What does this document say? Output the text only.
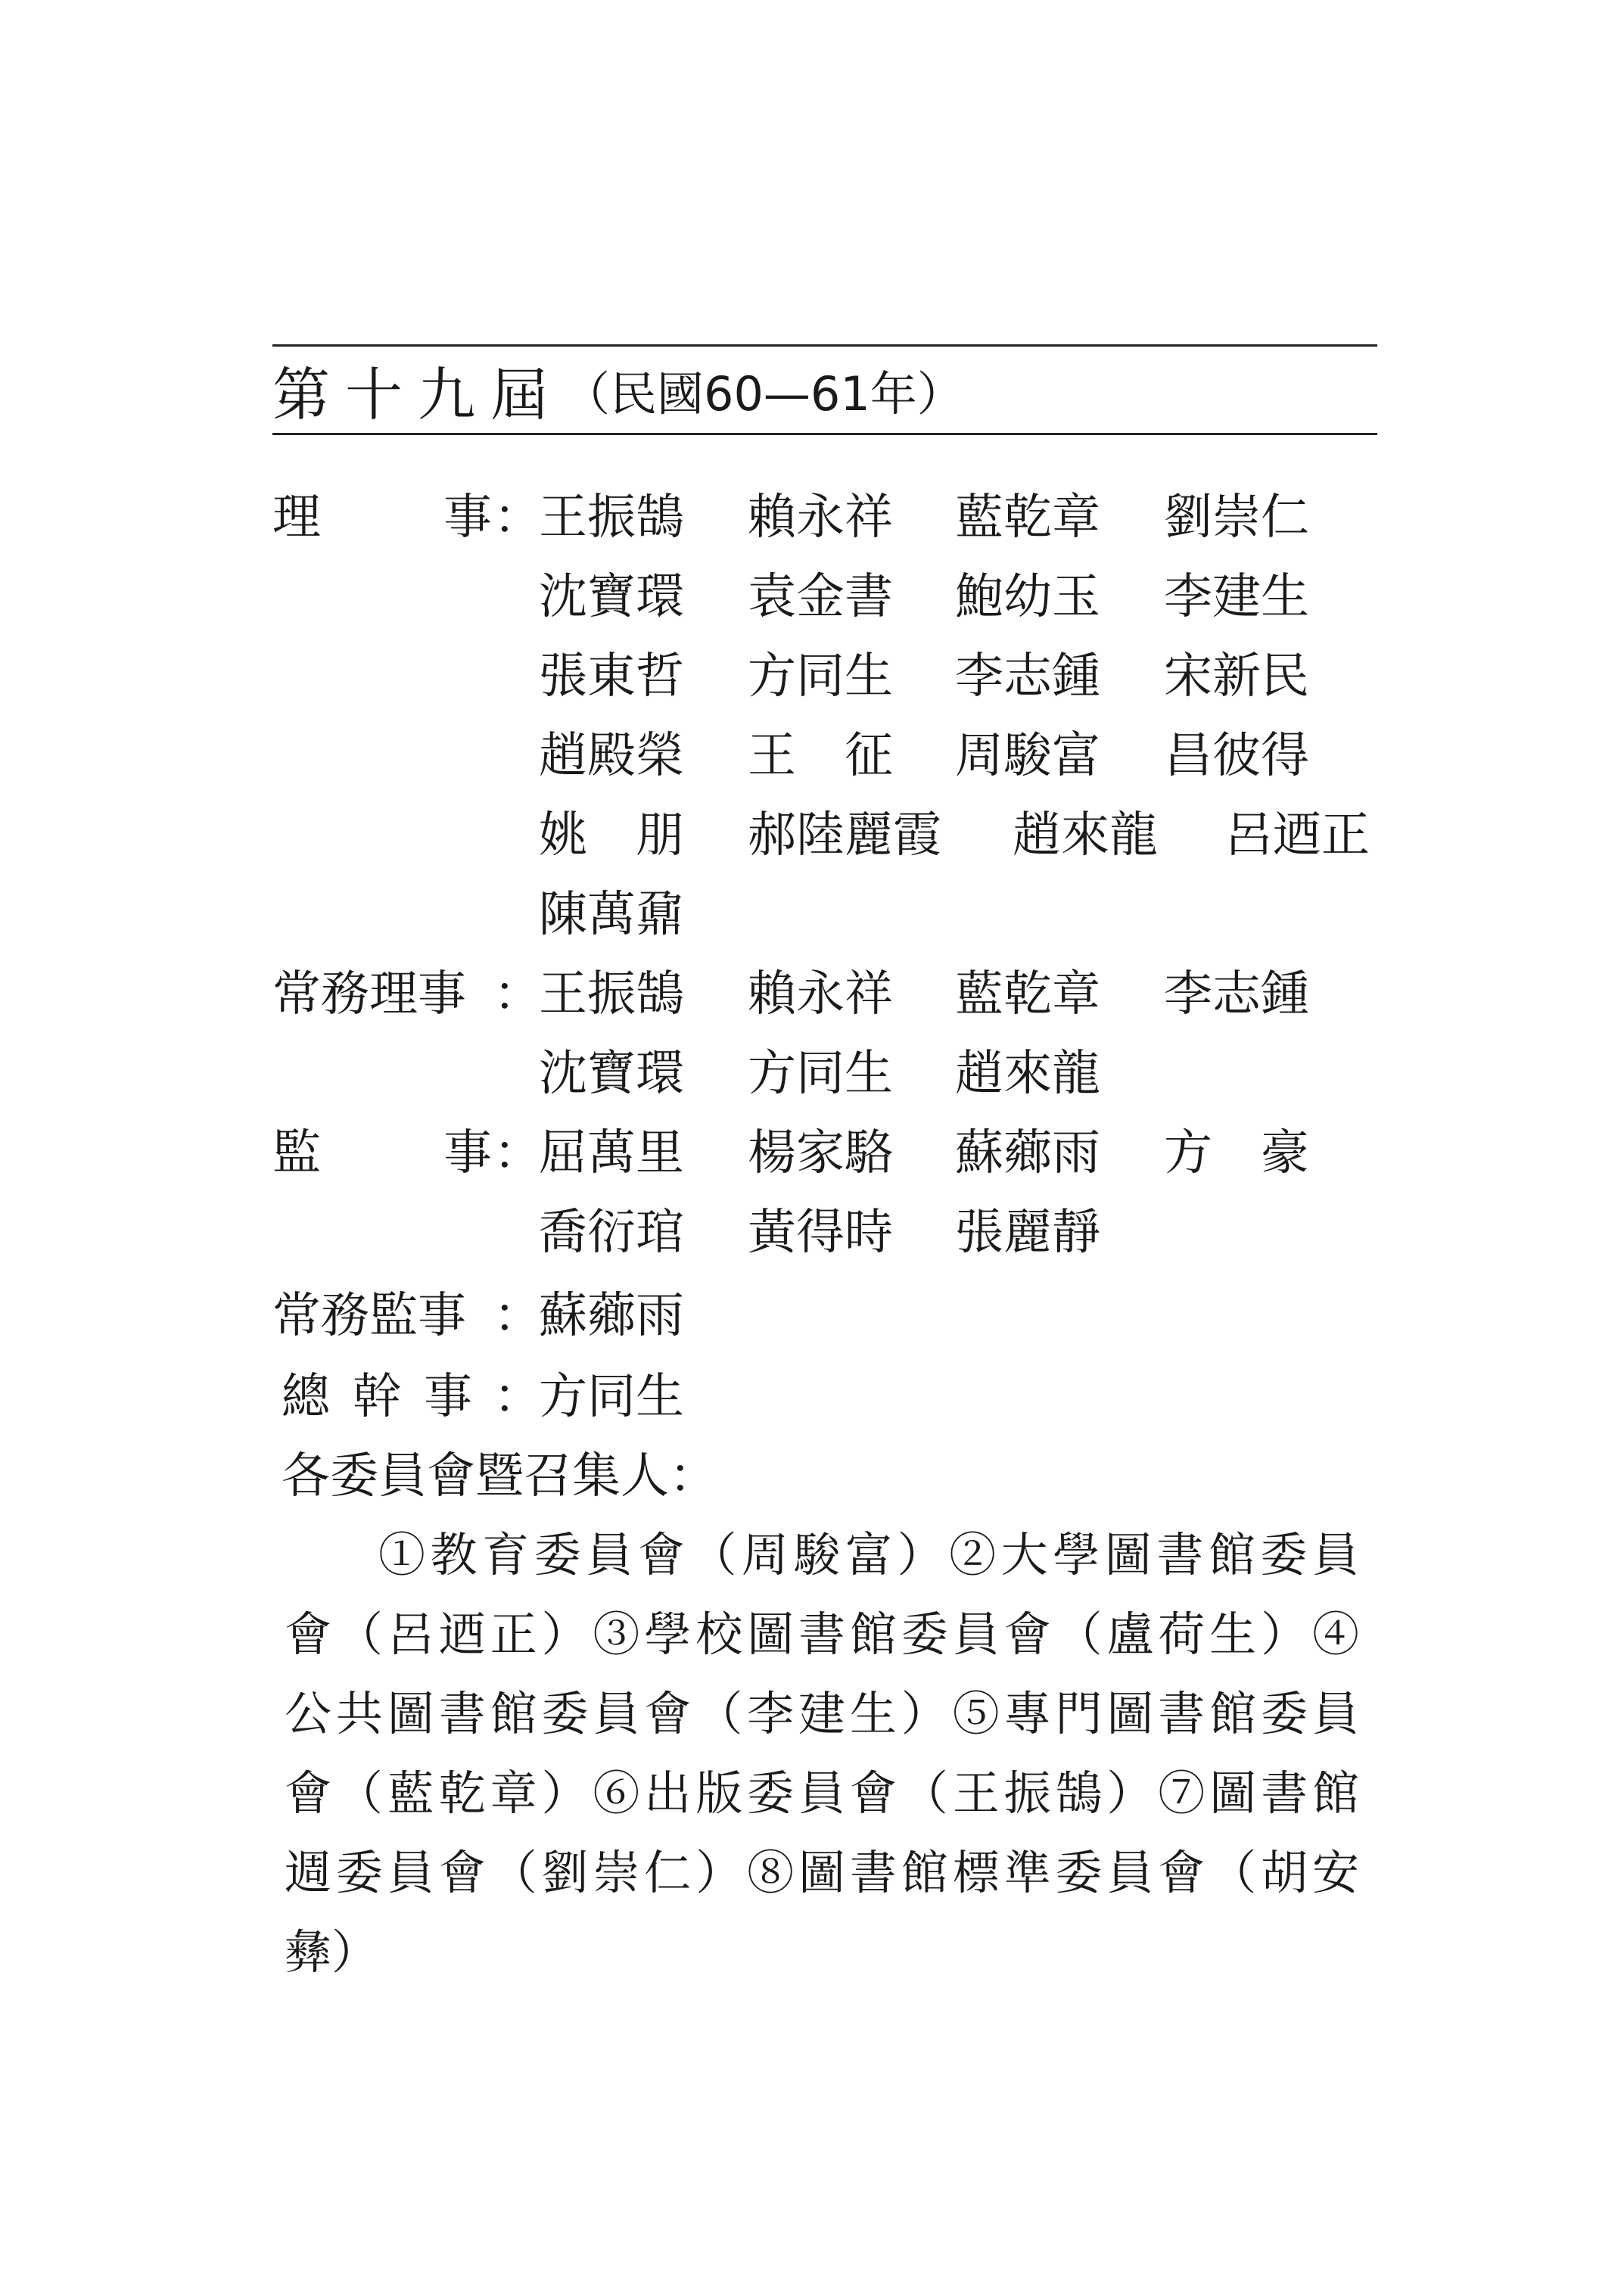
第十九屆 （民國60—61年）
理	事 ：
王振鵠 賴永祥 藍乾章 劉崇仁
沈寶環 袁金書 鮑幼玉 李建生
張東哲 方同生 李志鍾 宋新民
趙殿榮 王　征 周駿富 昌彼得
姚　朋 郝陸麗霞 趙來龍 呂迺正
陳萬鼐
常務理事 ：
王振鵠 賴永祥 藍乾章 李志鍾
沈寶環 方同生 趙來龍
監	事 ：
屈萬里 楊家駱 蘇薌雨 方　豪
喬衍琯 黃得時 張麗靜
常務監事 ：
蘇薌雨
總幹事
：
方同生
各委員會暨召集人：
①教育委員會（周駿富）②大學圖書館委員
會（呂迺正）③學校圖書館委員會（盧荷生）④
公共圖書館委員會（李建生）⑤專門圖書館委員
會（藍乾章）⑥出版委員會（王振鵠）⑦圖書館
週委員會（劉崇仁）⑧圖書館標準委員會（胡安
彝）
